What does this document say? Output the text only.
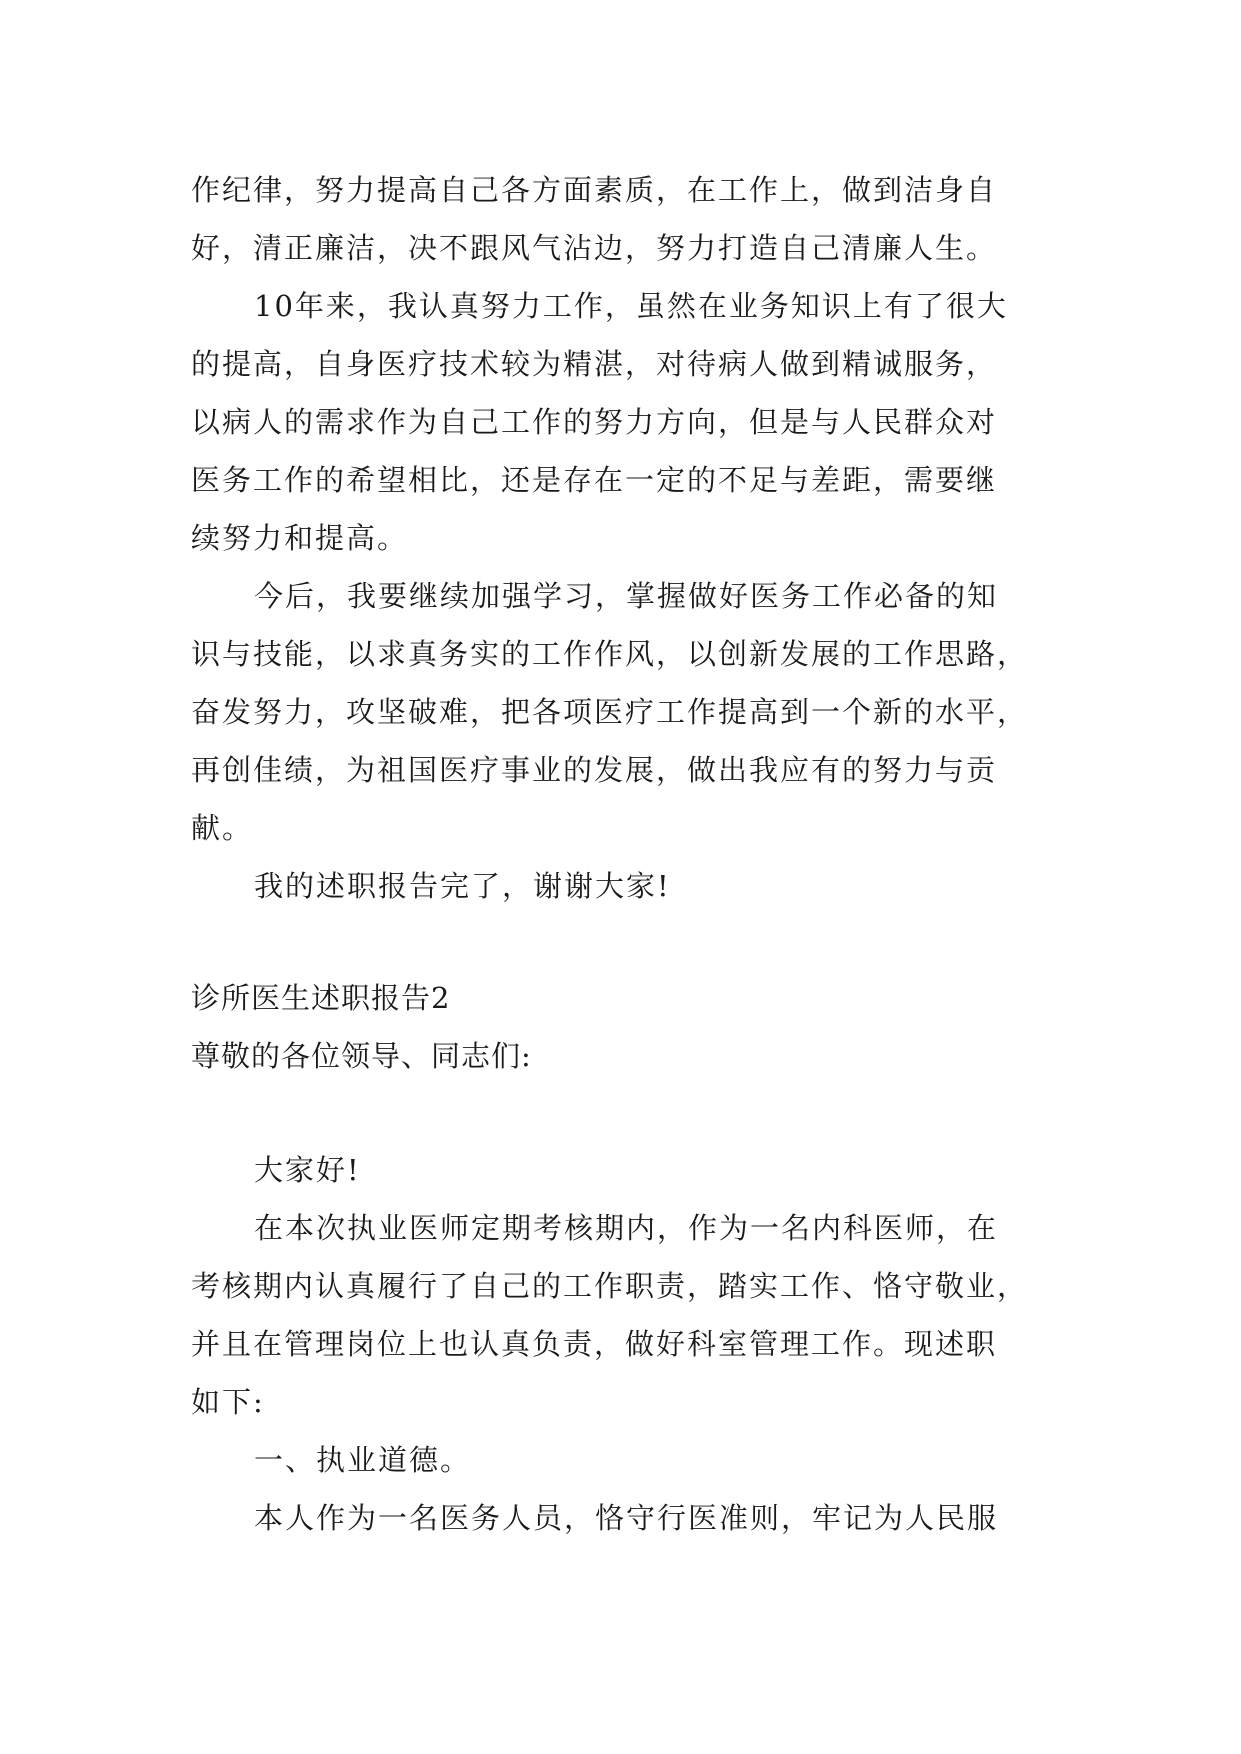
作纪律，努力提高自己各方面素质，在工作上，做到洁身自

好，清正廉洁，决不跟风气沾边，努力打造自己清廉人生。

10年来，我认真努力工作，虽然在业务知识上有了很大

的提高，自身医疗技术较为精湛，对待病人做到精诚服务，

以病人的需求作为自己工作的努力方向，但是与人民群众对

医务工作的希望相比，还是存在一定的不足与差距，需要继

续努力和提高。

今后，我要继续加强学习，掌握做好医务工作必备的知

识与技能，以求真务实的工作作风，以创新发展的工作思路，

奋发努力，攻坚破难，把各项医疗工作提高到一个新的水平，

再创佳绩，为祖国医疗事业的发展，做出我应有的努力与贡

献。

我的述职报告完了，谢谢大家!

诊所医生述职报告2

尊敬的各位领导、同志们:

大家好!

在本次执业医师定期考核期内，作为一名内科医师，在

考核期内认真履行了自己的工作职责，踏实工作、恪守敬业，

并且在管理岗位上也认真负责，做好科室管理工作。现述职

如下:

一、执业道德。

本人作为一名医务人员，恪守行医准则，牢记为人民服
